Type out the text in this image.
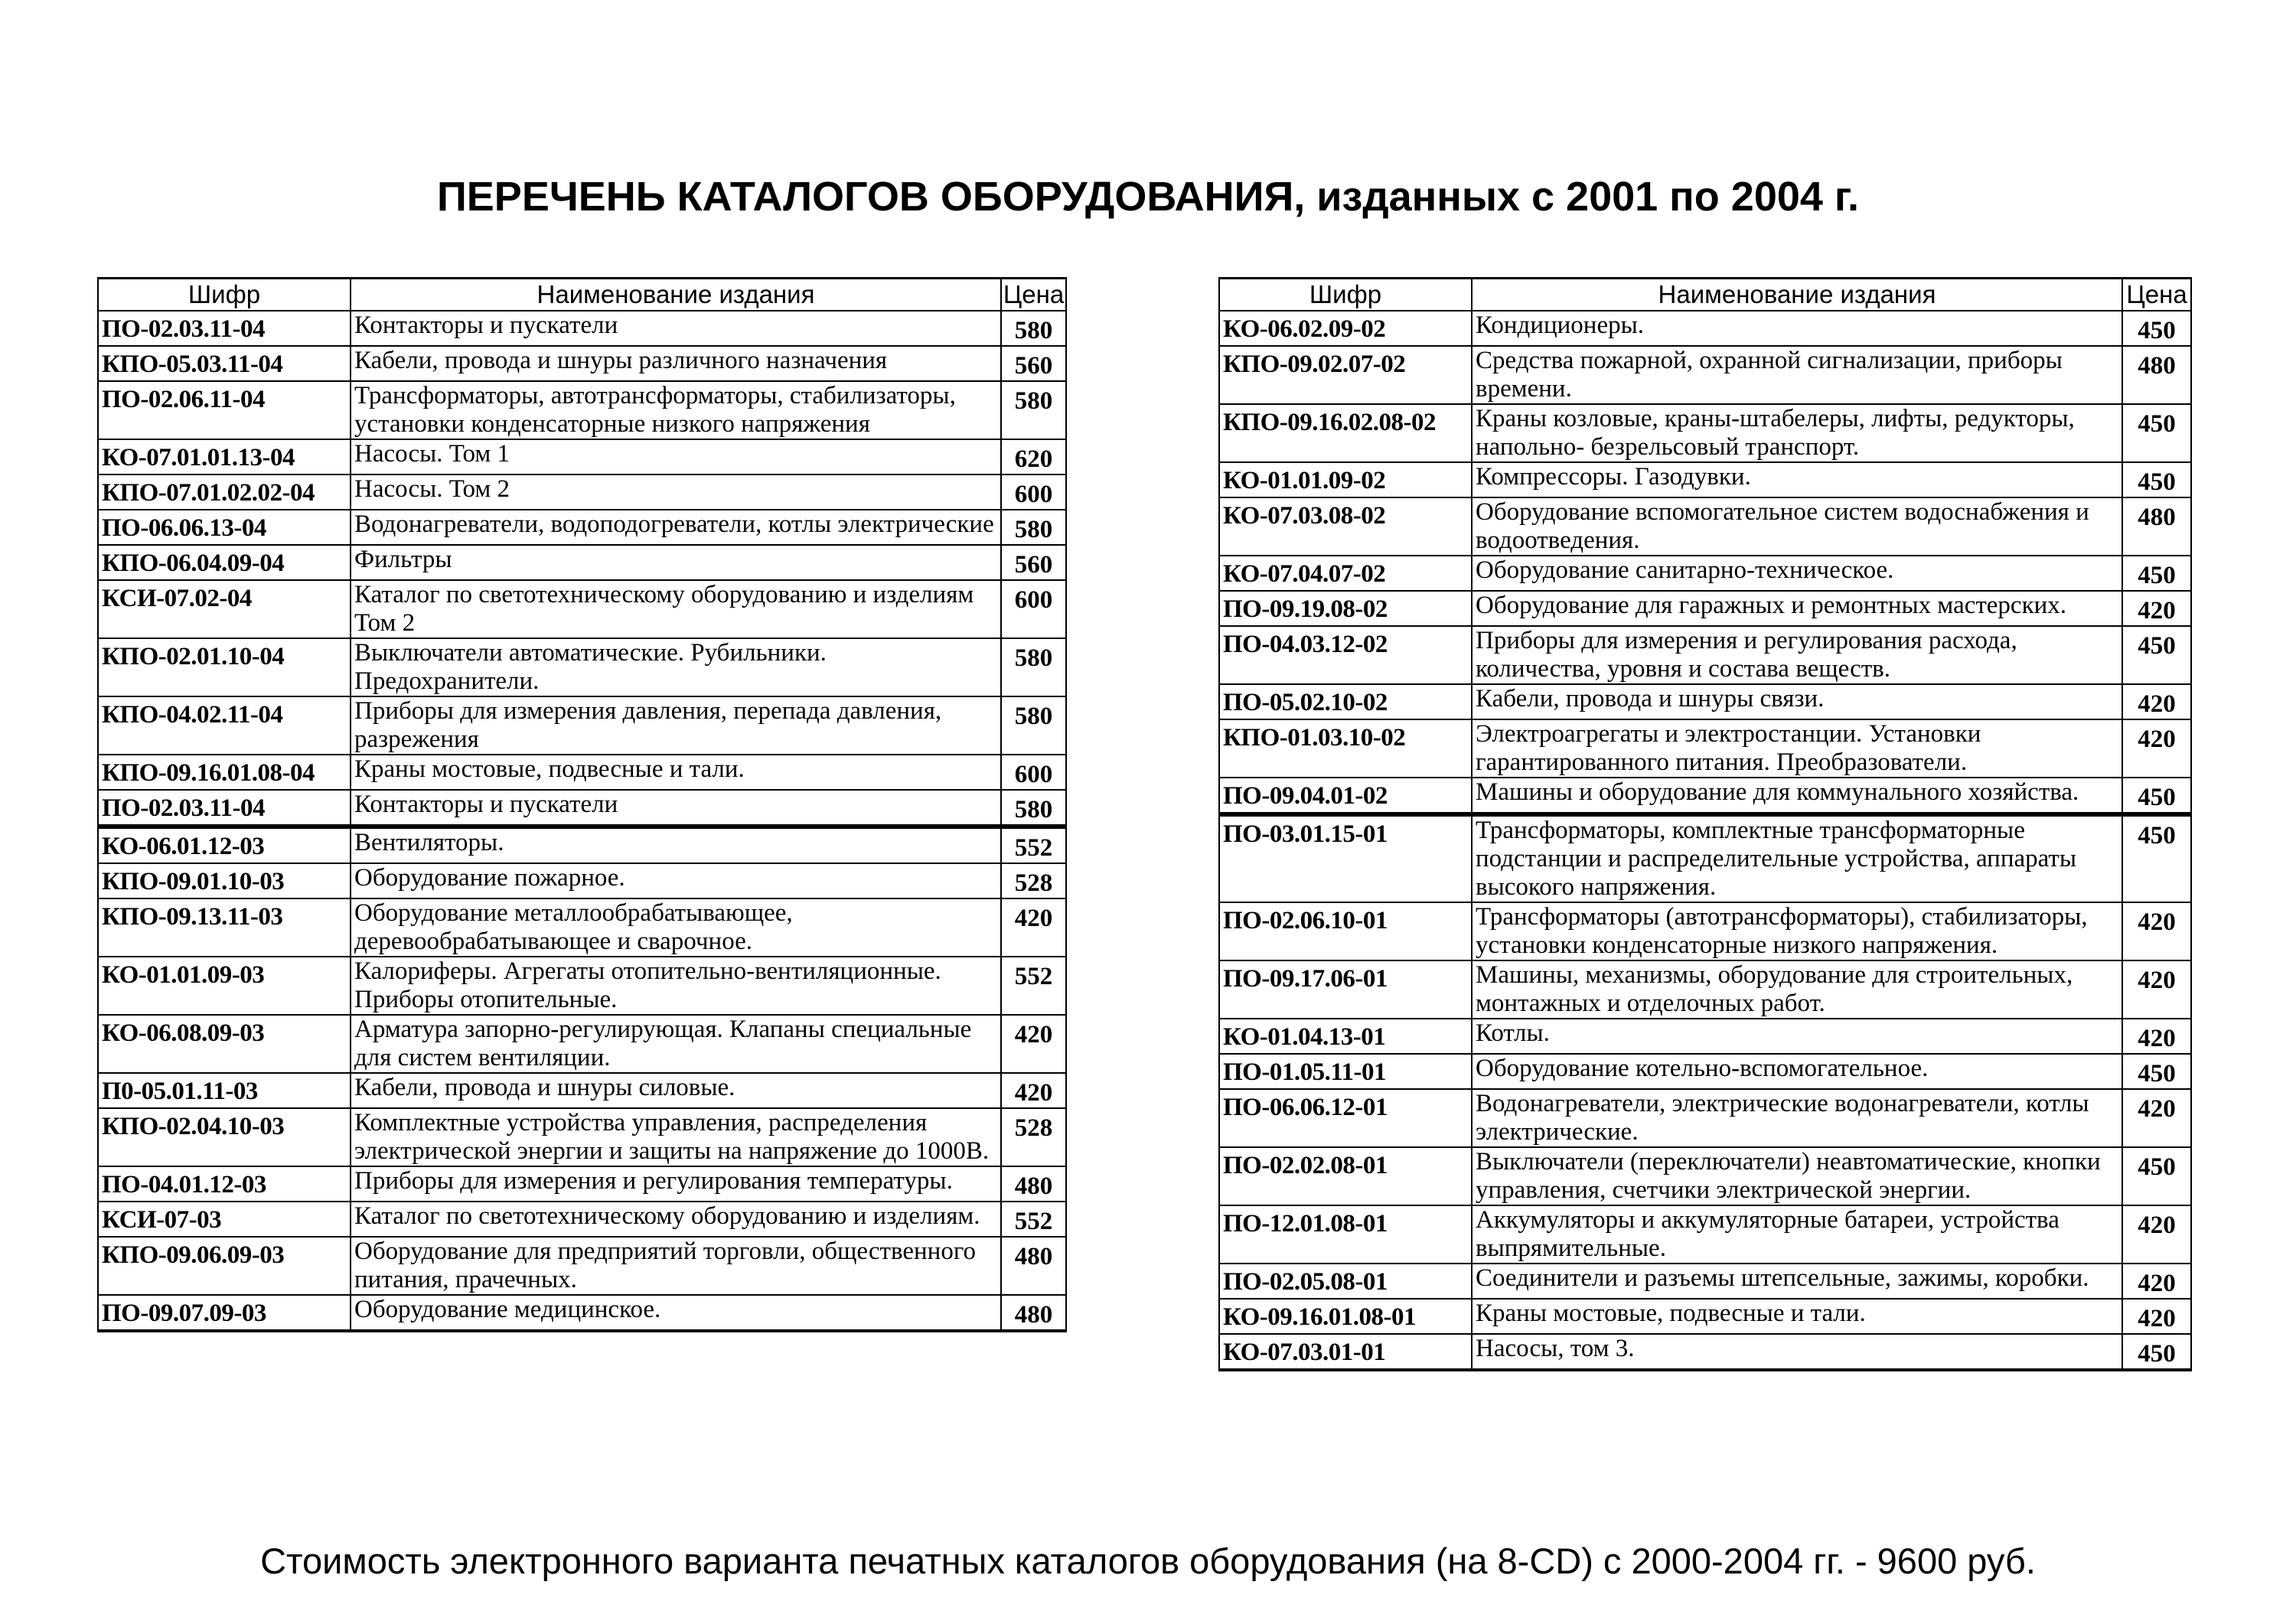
ПЕРЕЧЕНЬ КАТАЛОГОВ ОБОРУДОВАНИЯ, изданных с 2001 по 2004 г.
Шифр	Наименование издания	Цена
ПО-02.03.11-04	Контакторы и пускатели	580
КПО-05.03.11-04	Кабели, провода и шнуры различного назначения	560
ПО-02.06.11-04	Трансформаторы, автотрансформаторы, стабилизаторы, установки конденсаторные низкого напряжения	580
КО-07.01.01.13-04	Насосы. Том 1	620
КПО-07.01.02.02-04	Насосы. Том 2	600
ПО-06.06.13-04	Водонагреватели, водоподогреватели, котлы электрические	580
КПО-06.04.09-04	Фильтры	560
КСИ-07.02-04	Каталог по светотехническому оборудованию и изделиям Том 2	600
КПО-02.01.10-04	Выключатели автоматические. Рубильники. Предохранители.	580
КПО-04.02.11-04	Приборы для измерения давления, перепада давления, разрежения	580
КПО-09.16.01.08-04	Краны мостовые, подвесные и тали.	600
ПО-02.03.11-04	Контакторы и пускатели	580
КО-06.01.12-03	Вентиляторы.	552
КПО-09.01.10-03	Оборудование пожарное.	528
КПО-09.13.11-03	Оборудование металлообрабатывающее, деревообрабатывающее и сварочное.	420
КО-01.01.09-03	Калориферы. Агрегаты отопительно-вентиляционные. Приборы отопительные.	552
КО-06.08.09-03	Арматура запорно-регулирующая. Клапаны специальные для систем вентиляции.	420
П0-05.01.11-03	Кабели, провода и шнуры силовые.	420
КПО-02.04.10-03	Комплектные устройства управления, распределения электрической энергии и защиты на напряжение до 1000В.	528
ПО-04.01.12-03	Приборы для измерения и регулирования температуры.	480
КСИ-07-03	Каталог по светотехническому оборудованию и изделиям.	552
КПО-09.06.09-03	Оборудование для предприятий торговли, общественного питания, прачечных.	480
ПО-09.07.09-03	Оборудование медицинское.	480
Шифр	Наименование издания	Цена
КО-06.02.09-02	Кондиционеры.	450
КПО-09.02.07-02	Средства пожарной, охранной сигнализации, приборы времени.	480
КПО-09.16.02.08-02	Краны козловые, краны-штабелеры, лифты, редукторы, напольно- безрельсовый транспорт.	450
КО-01.01.09-02	Компрессоры. Газодувки.	450
КО-07.03.08-02	Оборудование вспомогательное систем водоснабжения и водоотведения.	480
КО-07.04.07-02	Оборудование санитарно-техническое.	450
ПО-09.19.08-02	Оборудование для гаражных и ремонтных мастерских.	420
ПО-04.03.12-02	Приборы для измерения и регулирования расхода, количества, уровня и состава веществ.	450
ПО-05.02.10-02	Кабели, провода и шнуры связи.	420
КПО-01.03.10-02	Электроагрегаты и электростанции. Установки гарантированного питания. Преобразователи.	420
ПО-09.04.01-02	Машины и оборудование для коммунального хозяйства.	450
ПО-03.01.15-01	Трансформаторы, комплектные трансформаторные подстанции и распределительные устройства, аппараты высокого напряжения.	450
ПО-02.06.10-01	Трансформаторы (автотрансформаторы), стабилизаторы, установки конденсаторные низкого напряжения.	420
ПО-09.17.06-01	Машины, механизмы, оборудование для строительных, монтажных и отделочных работ.	420
КО-01.04.13-01	Котлы.	420
ПО-01.05.11-01	Оборудование котельно-вспомогательное.	450
ПО-06.06.12-01	Водонагреватели, электрические водонагреватели, котлы электрические.	420
ПО-02.02.08-01	Выключатели (переключатели) неавтоматические, кнопки управления, счетчики электрической энергии.	450
ПО-12.01.08-01	Аккумуляторы и аккумуляторные батареи, устройства выпрямительные.	420
ПО-02.05.08-01	Соединители и разъемы штепсельные, зажимы, коробки.	420
КО-09.16.01.08-01	Краны мостовые, подвесные и тали.	420
КО-07.03.01-01	Насосы, том 3.	450
Стоимость электронного варианта печатных каталогов оборудования (на 8-CD) с 2000-2004 гг. - 9600 руб.
